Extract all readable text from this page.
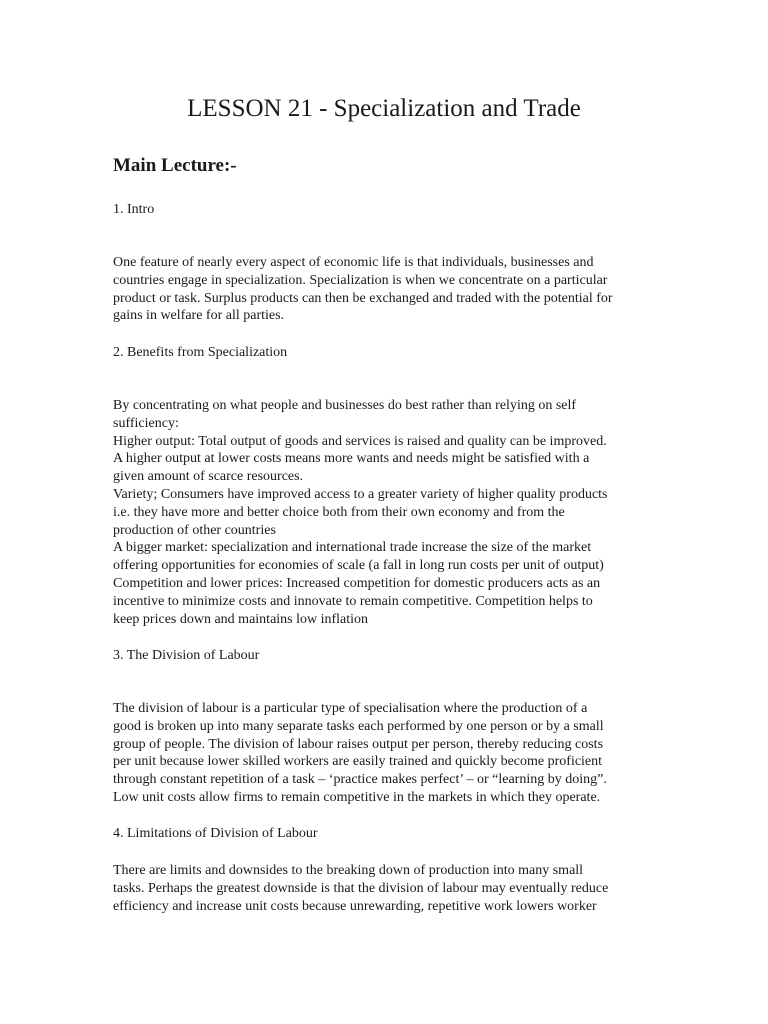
LESSON 21 - Specialization and Trade
Main Lecture:-
1. Intro
One feature of nearly every aspect of economic life is that individuals, businesses and
countries engage in specialization. Specialization is when we concentrate on a particular
product or task. Surplus products can then be exchanged and traded with the potential for
gains in welfare for all parties.
2. Benefits from Specialization
By concentrating on what people and businesses do best rather than relying on self
sufficiency:
Higher output: Total output of goods and services is raised and quality can be improved.
A higher output at lower costs means more wants and needs might be satisfied with a
given amount of scarce resources.
Variety; Consumers have improved access to a greater variety of higher quality products
i.e. they have more and better choice both from their own economy and from the
production of other countries
A bigger market: specialization and international trade increase the size of the market
offering opportunities for economies of scale (a fall in long run costs per unit of output)
Competition and lower prices: Increased competition for domestic producers acts as an
incentive to minimize costs and innovate to remain competitive. Competition helps to
keep prices down and maintains low inflation
3. The Division of Labour
The division of labour is a particular type of specialisation where the production of a
good is broken up into many separate tasks each performed by one person or by a small
group of people. The division of labour raises output per person, thereby reducing costs
per unit because lower skilled workers are easily trained and quickly become proficient
through constant repetition of a task – ‘practice makes perfect’ – or “learning by doing”.
Low unit costs allow firms to remain competitive in the markets in which they operate.
4. Limitations of Division of Labour
There are limits and downsides to the breaking down of production into many small
tasks. Perhaps the greatest downside is that the division of labour may eventually reduce
efficiency and increase unit costs because unrewarding, repetitive work lowers worker
